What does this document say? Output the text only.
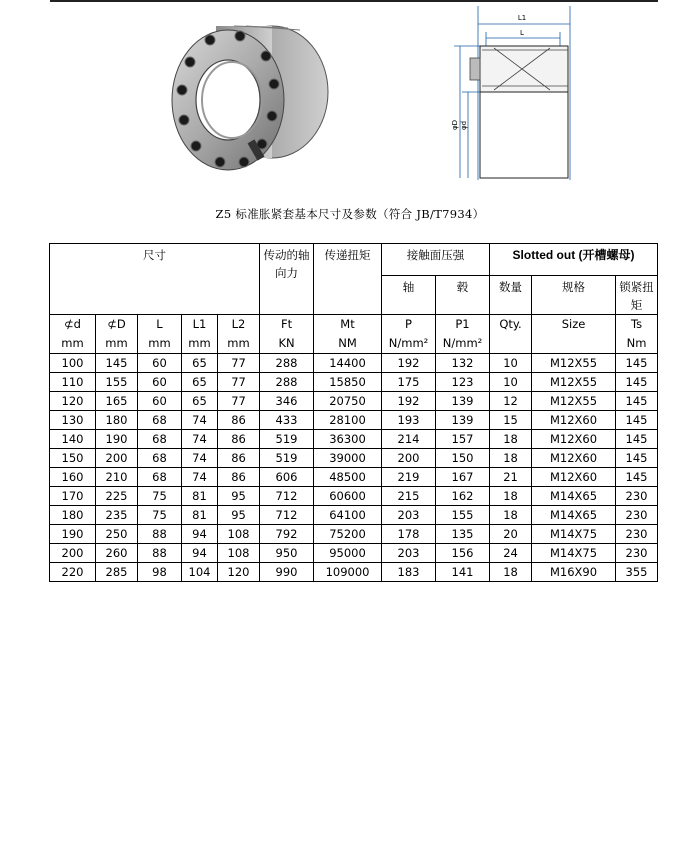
L1
L
φD φd
Z5 标准胀紧套基本尺寸及参数（符合 JB/T7934）
尺寸					传动的轴向力	传递扭矩	接触面压强		Slotted out (开槽螺母)		
							轴	毂	数量	规格	锁紧扭矩
⊄d	⊄D	L	L1	L2	Ft	Mt	P	P1	Qty.	Size	Ts
mm	mm	mm	mm	mm	KN	NM	N/mm²	N/mm²			Nm
100	145	60	65	77	288	14400	192	132	10	M12X55	145
110	155	60	65	77	288	15850	175	123	10	M12X55	145
120	165	60	65	77	346	20750	192	139	12	M12X55	145
130	180	68	74	86	433	28100	193	139	15	M12X60	145
140	190	68	74	86	519	36300	214	157	18	M12X60	145
150	200	68	74	86	519	39000	200	150	18	M12X60	145
160	210	68	74	86	606	48500	219	167	21	M12X60	145
170	225	75	81	95	712	60600	215	162	18	M14X65	230
180	235	75	81	95	712	64100	203	155	18	M14X65	230
190	250	88	94	108	792	75200	178	135	20	M14X75	230
200	260	88	94	108	950	95000	203	156	24	M14X75	230
220	285	98	104	120	990	109000	183	141	18	M16X90	355
